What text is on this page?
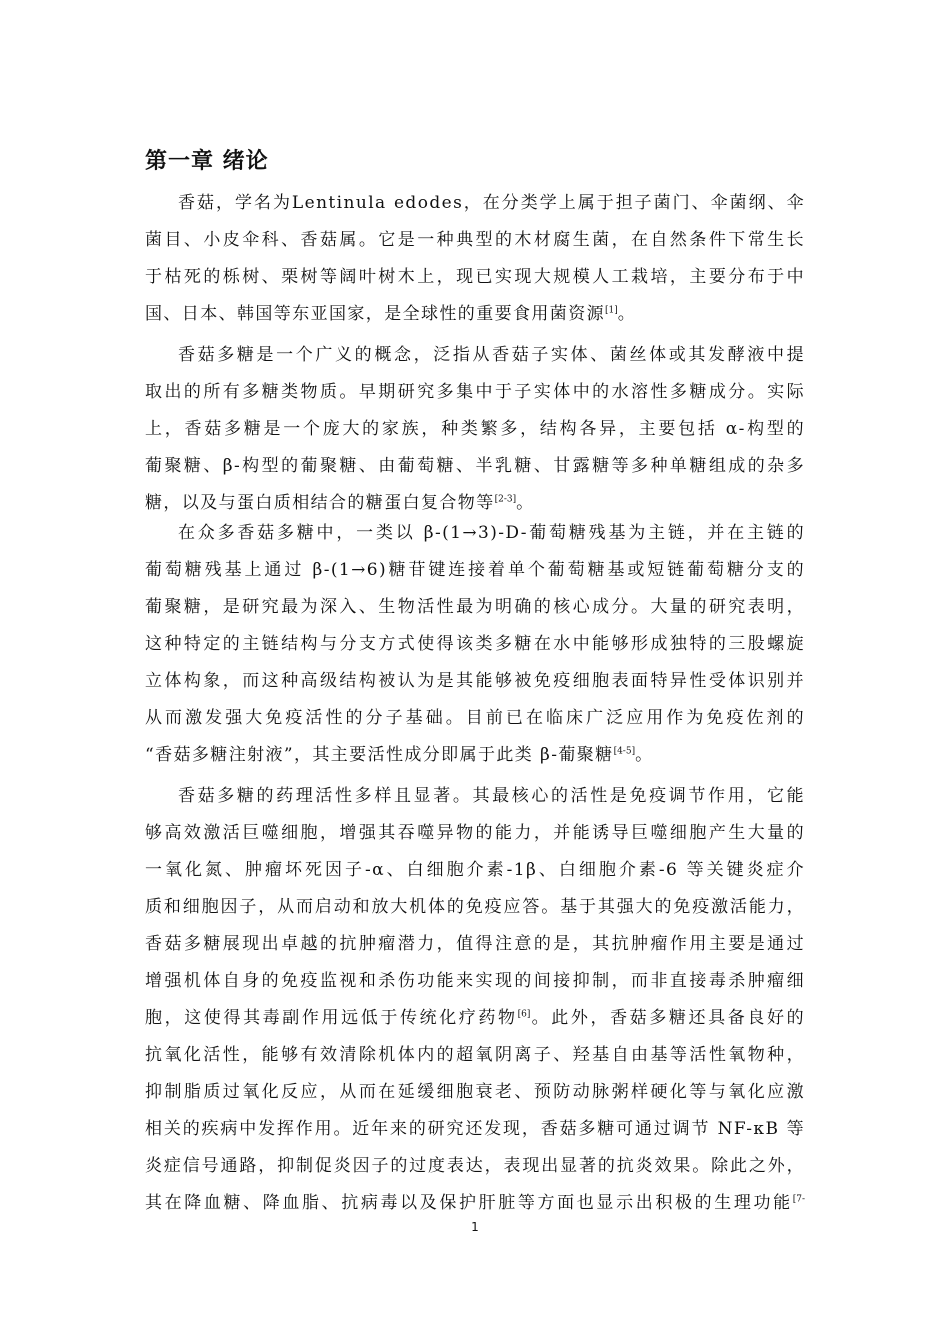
第一章 绪论
香菇，学名为Lentinula edodes，在分类学上属于担子菌门、伞菌纲、伞
菌目、小皮伞科、香菇属。它是一种典型的木材腐生菌，在自然条件下常生长
于枯死的栎树、栗树等阔叶树木上，现已实现大规模人工栽培，主要分布于中
国、日本、韩国等东亚国家，是全球性的重要食用菌资源[1]。
香菇多糖是一个广义的概念，泛指从香菇子实体、菌丝体或其发酵液中提
取出的所有多糖类物质。早期研究多集中于子实体中的水溶性多糖成分。实际
上，香菇多糖是一个庞大的家族，种类繁多，结构各异，主要包括 α-构型的
葡聚糖、β-构型的葡聚糖、由葡萄糖、半乳糖、甘露糖等多种单糖组成的杂多
糖，以及与蛋白质相结合的糖蛋白复合物等[2-3]。
在众多香菇多糖中，一类以 β-(1→3)-D-葡萄糖残基为主链，并在主链的
葡萄糖残基上通过 β-(1→6)糖苷键连接着单个葡萄糖基或短链葡萄糖分支的
葡聚糖，是研究最为深入、生物活性最为明确的核心成分。大量的研究表明，
这种特定的主链结构与分支方式使得该类多糖在水中能够形成独特的三股螺旋
立体构象，而这种高级结构被认为是其能够被免疫细胞表面特异性受体识别并
从而激发强大免疫活性的分子基础。目前已在临床广泛应用作为免疫佐剂的
“香菇多糖注射液”，其主要活性成分即属于此类 β-葡聚糖[4-5]。
香菇多糖的药理活性多样且显著。其最核心的活性是免疫调节作用，它能
够高效激活巨噬细胞，增强其吞噬异物的能力，并能诱导巨噬细胞产生大量的
一氧化氮、肿瘤坏死因子-α、白细胞介素-1β、白细胞介素-6 等关键炎症介
质和细胞因子，从而启动和放大机体的免疫应答。基于其强大的免疫激活能力，
香菇多糖展现出卓越的抗肿瘤潜力，值得注意的是，其抗肿瘤作用主要是通过
增强机体自身的免疫监视和杀伤功能来实现的间接抑制，而非直接毒杀肿瘤细
胞，这使得其毒副作用远低于传统化疗药物[6]。此外，香菇多糖还具备良好的
抗氧化活性，能够有效清除机体内的超氧阴离子、羟基自由基等活性氧物种，
抑制脂质过氧化反应，从而在延缓细胞衰老、预防动脉粥样硬化等与氧化应激
相关的疾病中发挥作用。近年来的研究还发现，香菇多糖可通过调节 NF-κB 等
炎症信号通路，抑制促炎因子的过度表达，表现出显著的抗炎效果。除此之外，
其在降血糖、降血脂、抗病毒以及保护肝脏等方面也显示出积极的生理功能$^{[7-}$
1
